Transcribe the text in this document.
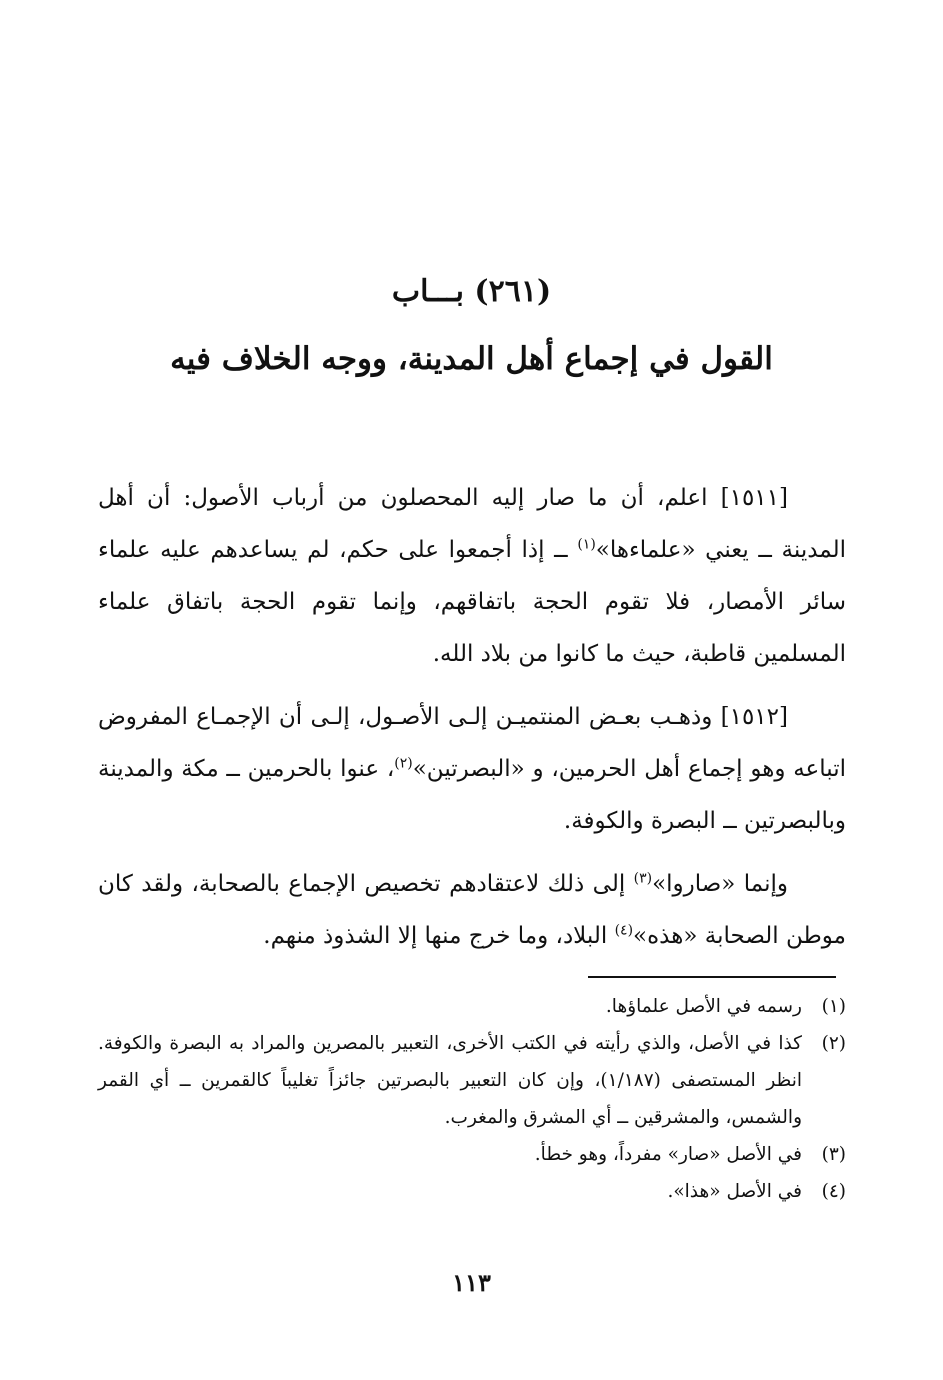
(٢٦١) بـــاب
القول في إجماع أهل المدينة، ووجه الخلاف فيه

[١٥١١] اعلم، أن ما صار إليه المحصلون من أرباب الأصول: أن أهل المدينة ــ يعني «علماءها»$^{(١)}$ ــ إذا أجمعوا على حكم، لم يساعدهم عليه علماء سائر الأمصار، فلا تقوم الحجة باتفاقهم، وإنما تقوم الحجة باتفاق علماء المسلمين قاطبة، حيث ما كانوا من بلاد الله.

[١٥١٢] وذهـب بعـض المنتميـن إلـى الأصـول، إلـى أن الإجمـاع المفروض اتباعه وهو إجماع أهل الحرمين، و «البصرتين»$^{(٢)}$، عنوا بالحرمين ــ مكة والمدينة وبالبصرتين ــ البصرة والكوفة.

وإنما «صاروا»$^{(٣)}$ إلى ذلك لاعتقادهم تخصيص الإجماع بالصحابة، ولقد كان موطن الصحابة «هذه»$^{(٤)}$ البلاد، وما خرج منها إلا الشذوذ منهم.

(١)
رسمه في الأصل علماؤها.
(٢)
كذا في الأصل، والذي رأيته في الكتب الأخرى، التعبير بالمصرين والمراد به البصرة والكوفة. انظر المستصفى (١/١٨٧)، وإن كان التعبير بالبصرتين جائزاً تغليباً كالقمرين ــ أي القمر والشمس، والمشرقين ــ أي المشرق والمغرب.
(٣)
في الأصل «صار» مفرداً، وهو خطأ.
(٤)
في الأصل «هذا».
١١٣
